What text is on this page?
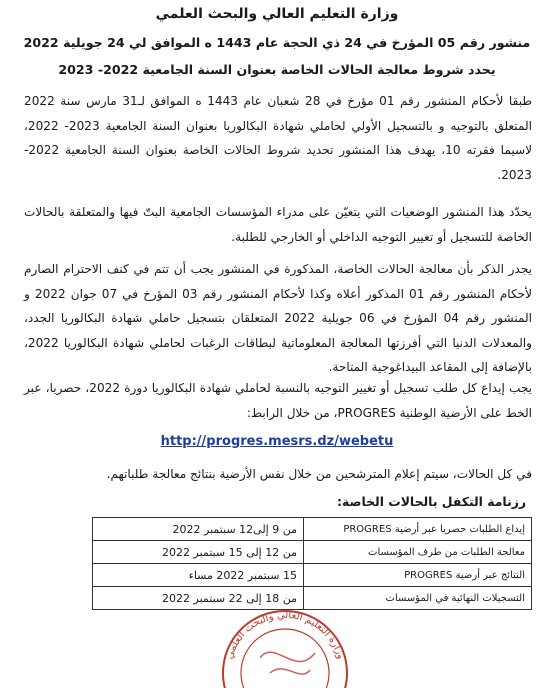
وزارة التعليم العالي والبحث العلمي
منشور رقم 05 المؤرخ في 24 ذي الحجة عام 1443 ه الموافق لي 24 جويلية 2022
يحدد شروط معالجة الحالات الخاصة بعنوان السنة الجامعية 2022- 2023

طبقا لأحكام المنشور رقم 01 مؤرخ في 28 شعبان عام 1443 ه الموافق لـ31 مارس سنة 2022 المتعلق بالتوجيه و بالتسجيل الأولي لحاملي شهادة البكالوريا بعنوان السنة الجامعية 2023- 2022، لاسيما فقرته 10، يهدف هذا المنشور تحديد شروط الحالات الخاصة بعنوان السنة الجامعية 2022- 2023.

يحدّد هذا المنشور الوضعيات التي يتعيّن على مدراء المؤسسات الجامعية البتّ فيها والمتعلقة بالحالات الخاصة للتسجيل أو تغيير التوجيه الداخلي أو الخارجي للطلبة.

يجدر الذكر بأن معالجة الحالات الخاصة، المذكورة في المنشور يجب أن تتم في كنف الاحترام الصارم لأحكام المنشور رقم 01 المذكور أعلاه وكذا لأحكام المنشور رقم 03 المؤرخ في 07 جوان 2022 و المنشور رقم 04 المؤرخ في 06 جويلية 2022 المتعلقان بتسجيل حاملي شهادة البكالوريا الجدد، والمعدلات الدنيا التي أفرزتها المعالجة المعلوماتية لبطاقات الرغبات لحاملي شهادة البكالوريا 2022، بالإضافة إلى المقاعد البيداغوجية المتاحة.

يجب إيداع كل طلب تسجيل أو تغيير التوجيه بالنسبة لحاملي شهادة البكالوريا دورة 2022، حصريا، عبر الخط على الأرضية الوطنية PROGRES، من خلال الرابط:

http://progres.mesrs.dz/webetu

في كل الحالات، سيتم إعلام المترشحين من خلال نفس الأرضية بنتائج معالجة طلباتهم.

رزنامة التكفل بالحالات الخاصة:
إيداع الطلبات حصريا عبر أرضية PROGRES	من 9 إلى12 سبتمبر 2022
معالجة الطلبات من طرف المؤسسات	من 12 إلى 15 سبتمبر 2022
النتائج عبر أرضية PROGRES	15 سبتمبر 2022 مساء
التسجيلات النهائية في المؤسسات	من 18 إلى 22 سبتمبر 2022
وزارة التعليم العالي والبحث العلمي
